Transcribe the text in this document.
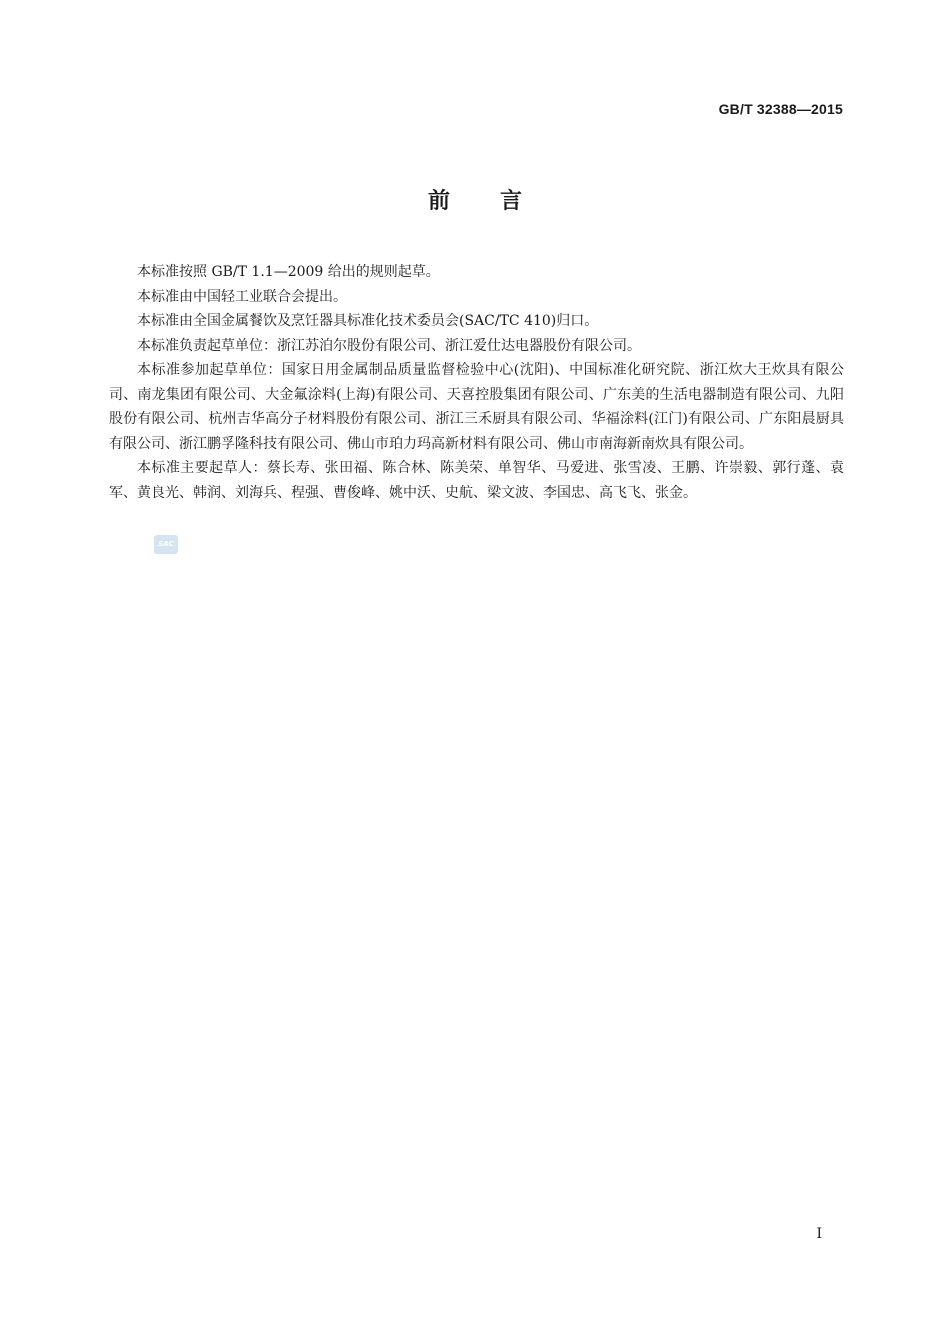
GB/T 32388—2015
前言

本标准按照 GB/T 1.1—2009 给出的规则起草。

本标准由中国轻工业联合会提出。

本标准由全国金属餐饮及烹饪器具标准化技术委员会(SAC/TC 410)归口。

本标准负责起草单位：浙江苏泊尔股份有限公司、浙江爱仕达电器股份有限公司。

本标准参加起草单位：国家日用金属制品质量监督检验中心(沈阳)、中国标准化研究院、浙江炊大王炊具有限公司、南龙集团有限公司、大金氟涂料(上海)有限公司、天喜控股集团有限公司、广东美的生活电器制造有限公司、九阳股份有限公司、杭州吉华高分子材料股份有限公司、浙江三禾厨具有限公司、华福涂料(江门)有限公司、广东阳晨厨具有限公司、浙江鹏孚隆科技有限公司、佛山市珀力玛高新材料有限公司、佛山市南海新南炊具有限公司。

本标准主要起草人：蔡长寿、张田福、陈合林、陈美荣、单智华、马爱进、张雪凌、王鹏、许崇毅、郭行蓬、袁军、黄良光、韩润、刘海兵、程强、曹俊峰、姚中沃、史航、梁文波、李国忠、高飞飞、张金。

SAC
I
